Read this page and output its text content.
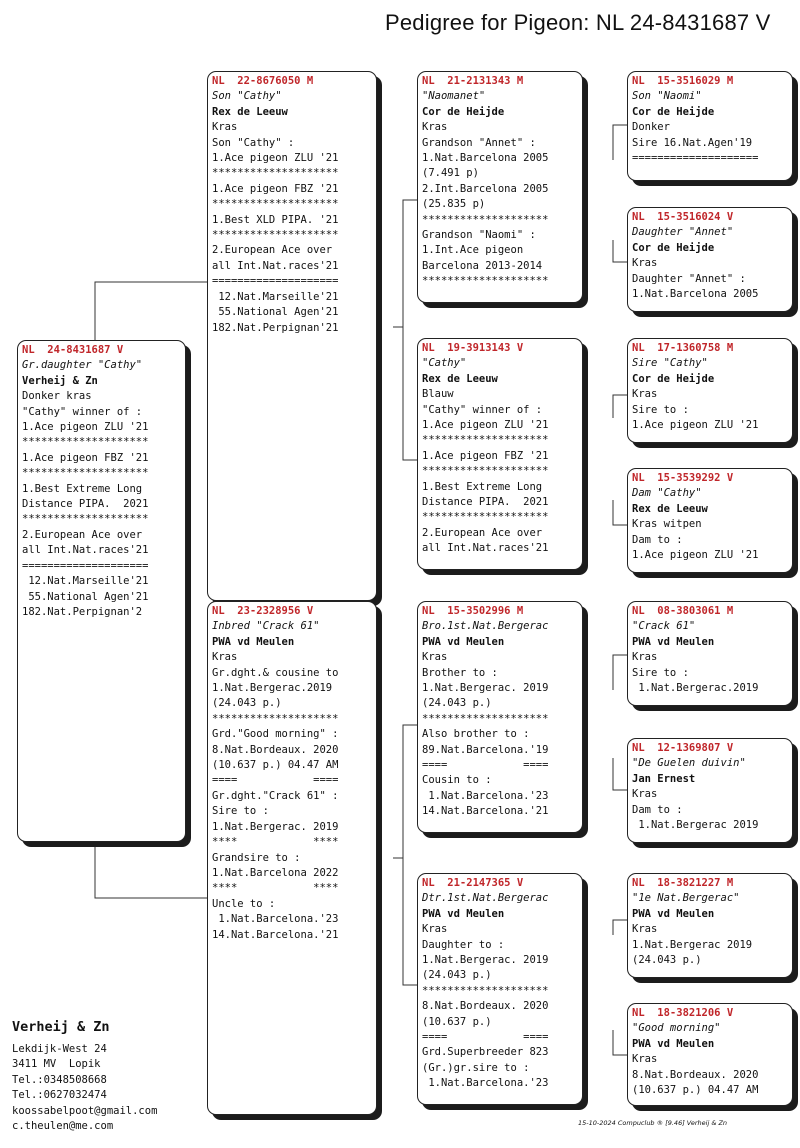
Pedigree for Pigeon: NL 24-8431687 V
NL  24-8431687 V
Gr.daughter "Cathy"
Verheij & Zn
Donker kras
"Cathy" winner of :
1.Ace pigeon ZLU '21
********************
1.Ace pigeon FBZ '21
********************
1.Best Extreme Long
Distance PIPA.  2021
********************
2.European Ace over
all Int.Nat.races'21
====================
12.Nat.Marseille'21
55.National Agen'21
182.Nat.Perpignan'2
NL  22-8676050 M
Son "Cathy"
Rex de Leeuw
Kras
Son "Cathy" :
1.Ace pigeon ZLU '21
********************
1.Ace pigeon FBZ '21
********************
1.Best XLD PIPA. '21
********************
2.European Ace over
all Int.Nat.races'21
====================
12.Nat.Marseille'21
55.National Agen'21
182.Nat.Perpignan'21
NL  23-2328956 V
Inbred "Crack 61"
PWA vd Meulen
Kras
Gr.dght.& cousine to
1.Nat.Bergerac.2019
(24.043 p.)
********************
Grd."Good morning" :
8.Nat.Bordeaux. 2020
(10.637 p.) 04.47 AM
====            ====
Gr.dght."Crack 61" :
Sire to :
1.Nat.Bergerac. 2019
****            ****
Grandsire to :
1.Nat.Barcelona 2022
****            ****
Uncle to :
1.Nat.Barcelona.'23
14.Nat.Barcelona.'21
NL  21-2131343 M
"Naomanet"
Cor de Heijde
Kras
Grandson "Annet" :
1.Nat.Barcelona 2005
(7.491 p)
2.Int.Barcelona 2005
(25.835 p)
********************
Grandson "Naomi" :
1.Int.Ace pigeon
Barcelona 2013-2014
********************
NL  19-3913143 V
"Cathy"
Rex de Leeuw
Blauw
"Cathy" winner of :
1.Ace pigeon ZLU '21
********************
1.Ace pigeon FBZ '21
********************
1.Best Extreme Long
Distance PIPA.  2021
********************
2.European Ace over
all Int.Nat.races'21
NL  15-3502996 M
Bro.1st.Nat.Bergerac
PWA vd Meulen
Kras
Brother to :
1.Nat.Bergerac. 2019
(24.043 p.)
********************
Also brother to :
89.Nat.Barcelona.'19
====            ====
Cousin to :
1.Nat.Barcelona.'23
14.Nat.Barcelona.'21
NL  21-2147365 V
Dtr.1st.Nat.Bergerac
PWA vd Meulen
Kras
Daughter to :
1.Nat.Bergerac. 2019
(24.043 p.)
********************
8.Nat.Bordeaux. 2020
(10.637 p.)
====            ====
Grd.Superbreeder 823
(Gr.)gr.sire to :
1.Nat.Barcelona.'23
NL  15-3516029 M
Son "Naomi"
Cor de Heijde
Donker
Sire 16.Nat.Agen'19
====================
NL  15-3516024 V
Daughter "Annet"
Cor de Heijde
Kras
Daughter "Annet" :
1.Nat.Barcelona 2005
NL  17-1360758 M
Sire "Cathy"
Cor de Heijde
Kras
Sire to :
1.Ace pigeon ZLU '21
NL  15-3539292 V
Dam "Cathy"
Rex de Leeuw
Kras witpen
Dam to :
1.Ace pigeon ZLU '21
NL  08-3803061 M
"Crack 61"
PWA vd Meulen
Kras
Sire to :
1.Nat.Bergerac.2019
NL  12-1369807 V
"De Guelen duivin"
Jan Ernest
Kras
Dam to :
1.Nat.Bergerac 2019
NL  18-3821227 M
"1e Nat.Bergerac"
PWA vd Meulen
Kras
1.Nat.Bergerac 2019
(24.043 p.)
NL  18-3821206 V
"Good morning"
PWA vd Meulen
Kras
8.Nat.Bordeaux. 2020
(10.637 p.) 04.47 AM
Verheij & Zn
Lekdijk-West 24
3411 MV  Lopik
Tel.:0348508668
Tel.:0627032474
koossabelpoot@gmail.com
c.theulen@me.com	15-10-2024 Compuclub ® [9.46] Verheij & Zn
